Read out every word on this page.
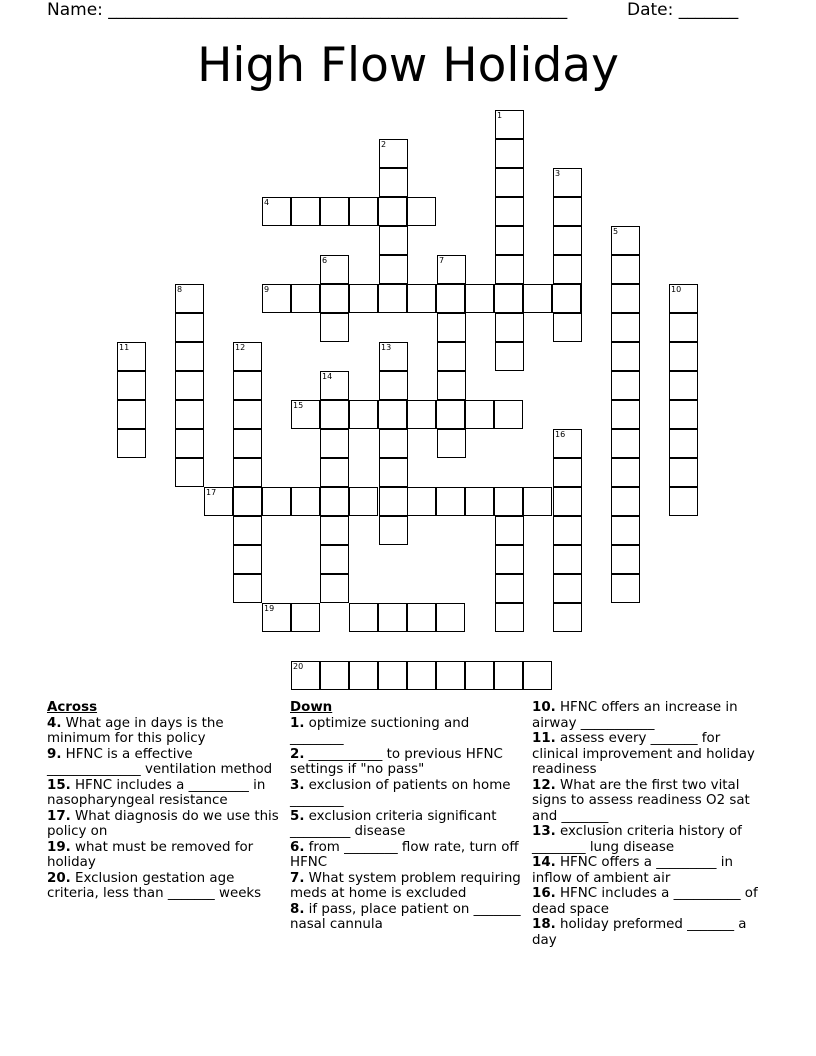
Name: ______________________________________________________	Date: _______
High Flow Holiday
1
2
3
4
5
6	7
9
8	10
11	12	13
14
15
16
17
19
20
Across
4. What age in days is the minimum for this policy
9. HFNC is a effective ______________ ventilation method
15. HFNC includes a _________ in nasopharyngeal resistance
17. What diagnosis do we use this policy on
19. what must be removed for holiday
20. Exclusion gestation age criteria, less than _______ weeks
Down
1. optimize suctioning and ________
2. ___________ to previous HFNC settings if "no pass"
3. exclusion of patients on home ________
5. exclusion criteria significant _________ disease
6. from ________ flow rate, turn off HFNC
7. What system problem requiring meds at home is excluded
8. if pass, place patient on _______ nasal cannula
10. HFNC offers an increase in airway ___________
11. assess every _______ for clinical improvement and holiday readiness
12. What are the first two vital signs to assess readiness O2 sat and _______
13. exclusion criteria history of ________ lung disease
14. HFNC offers a _________ in inflow of ambient air
16. HFNC includes a __________ of dead space
18. holiday preformed _______ a day
